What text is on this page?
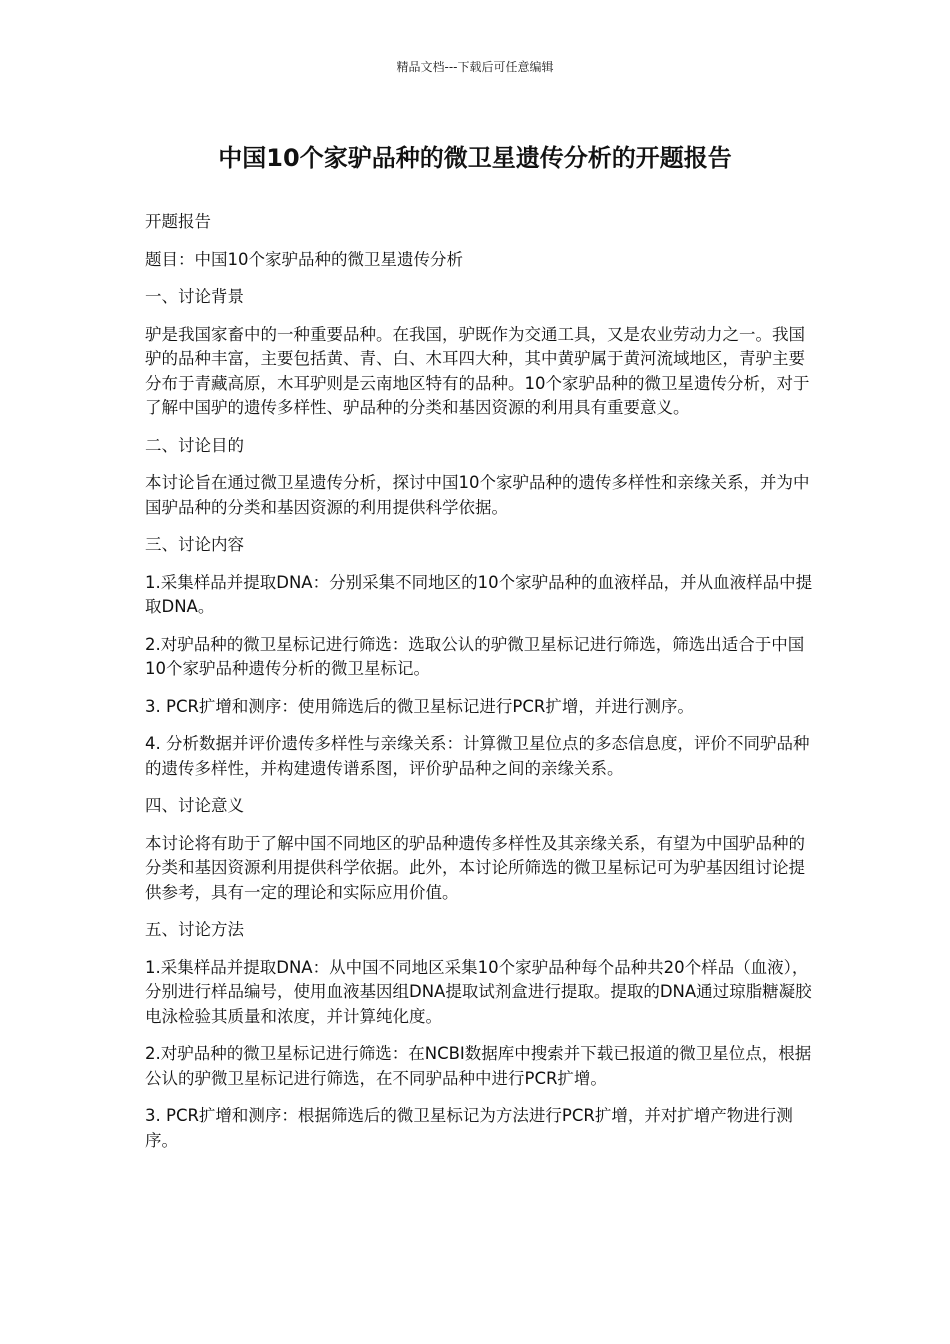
精品文档---下载后可任意编辑
中国10个家驴品种的微卫星遗传分析的开题报告

开题报告

题目：中国10个家驴品种的微卫星遗传分析

一、讨论背景

驴是我国家畜中的一种重要品种。在我国，驴既作为交通工具，又是农业劳动力之一。我国驴的品种丰富，主要包括黄、青、白、木耳四大种，其中黄驴属于黄河流域地区，青驴主要分布于青藏高原，木耳驴则是云南地区特有的品种。10个家驴品种的微卫星遗传分析，对于了解中国驴的遗传多样性、驴品种的分类和基因资源的利用具有重要意义。

二、讨论目的

本讨论旨在通过微卫星遗传分析，探讨中国10个家驴品种的遗传多样性和亲缘关系，并为中国驴品种的分类和基因资源的利用提供科学依据。

三、讨论内容

1.采集样品并提取DNA：分别采集不同地区的10个家驴品种的血液样品，并从血液样品中提取DNA。

2.对驴品种的微卫星标记进行筛选：选取公认的驴微卫星标记进行筛选，筛选出适合于中国10个家驴品种遗传分析的微卫星标记。

3. PCR扩增和测序：使用筛选后的微卫星标记进行PCR扩增，并进行测序。

4. 分析数据并评价遗传多样性与亲缘关系：计算微卫星位点的多态信息度，评价不同驴品种的遗传多样性，并构建遗传谱系图，评价驴品种之间的亲缘关系。

四、讨论意义

本讨论将有助于了解中国不同地区的驴品种遗传多样性及其亲缘关系，有望为中国驴品种的分类和基因资源利用提供科学依据。此外，本讨论所筛选的微卫星标记可为驴基因组讨论提供参考，具有一定的理论和实际应用价值。

五、讨论方法

1.采集样品并提取DNA：从中国不同地区采集10个家驴品种每个品种共20个样品（血液），分别进行样品编号，使用血液基因组DNA提取试剂盒进行提取。提取的DNA通过琼脂糖凝胶电泳检验其质量和浓度，并计算纯化度。

2.对驴品种的微卫星标记进行筛选：在NCBI数据库中搜索并下载已报道的微卫星位点，根据公认的驴微卫星标记进行筛选，在不同驴品种中进行PCR扩增。

3. PCR扩增和测序：根据筛选后的微卫星标记为方法进行PCR扩增，并对扩增产物进行测序。
